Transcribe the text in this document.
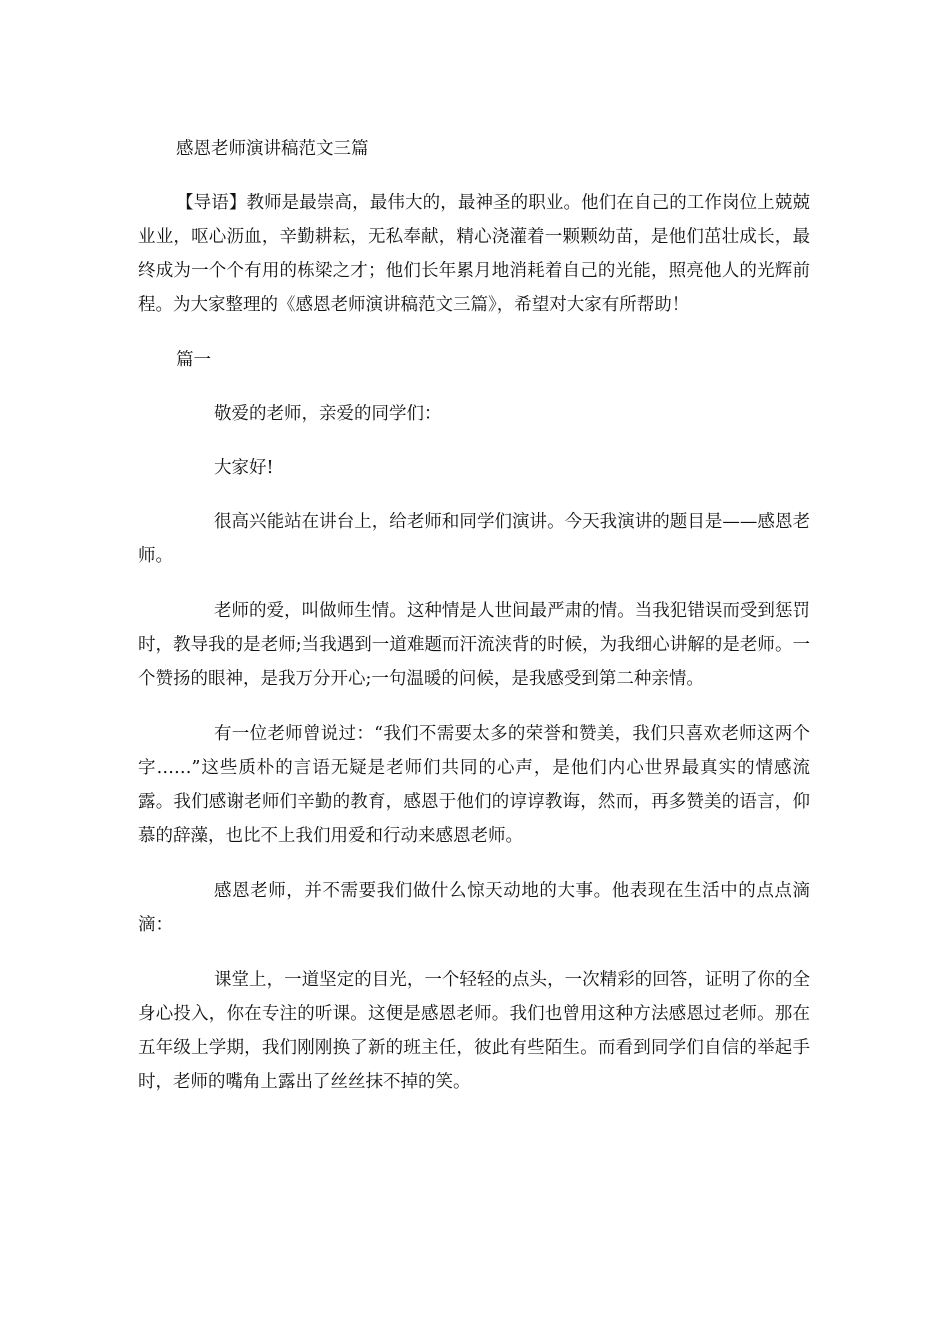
感恩老师演讲稿范文三篇

【导语】教师是最崇高，最伟大的，最神圣的职业。他们在自己的工作岗位上兢兢业业，呕心沥血，辛勤耕耘，无私奉献，精心浇灌着一颗颗幼苗，是他们茁壮成长，最终成为一个个有用的栋梁之才；他们长年累月地消耗着自己的光能，照亮他人的光辉前程。为大家整理的《感恩老师演讲稿范文三篇》，希望对大家有所帮助！

篇一

敬爱的老师，亲爱的同学们：

大家好!

很高兴能站在讲台上，给老师和同学们演讲。今天我演讲的题目是——感恩老师。

老师的爱，叫做师生情。这种情是人世间最严肃的情。当我犯错误而受到惩罚时，教导我的是老师;当我遇到一道难题而汗流浃背的时候，为我细心讲解的是老师。一个赞扬的眼神，是我万分开心;一句温暖的问候，是我感受到第二种亲情。

有一位老师曾说过：“我们不需要太多的荣誉和赞美，我们只喜欢老师这两个字……”这些质朴的言语无疑是老师们共同的心声，是他们内心世界最真实的情感流露。我们感谢老师们辛勤的教育，感恩于他们的谆谆教诲，然而，再多赞美的语言，仰慕的辞藻，也比不上我们用爱和行动来感恩老师。

感恩老师，并不需要我们做什么惊天动地的大事。他表现在生活中的点点滴滴：

课堂上，一道坚定的目光，一个轻轻的点头，一次精彩的回答，证明了你的全身心投入，你在专注的听课。这便是感恩老师。我们也曾用这种方法感恩过老师。那在五年级上学期，我们刚刚换了新的班主任，彼此有些陌生。而看到同学们自信的举起手时，老师的嘴角上露出了丝丝抹不掉的笑。
